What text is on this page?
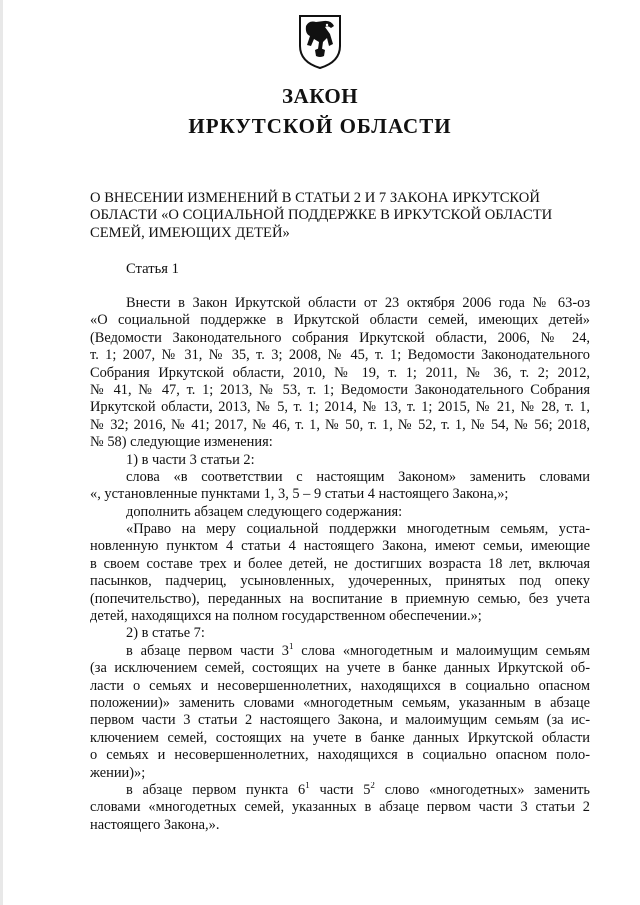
ЗАКОН
ИРКУТСКОЙ ОБЛАСТИ
О ВНЕСЕНИИ ИЗМЕНЕНИЙ В СТАТЬИ 2 И 7 ЗАКОНА ИРКУТСКОЙ
ОБЛАСТИ «О СОЦИАЛЬНОЙ ПОДДЕРЖКЕ В ИРКУТСКОЙ ОБЛАСТИ
СЕМЕЙ, ИМЕЮЩИХ ДЕТЕЙ»
Статья 1
Внести в Закон Иркутской области от 23 октября 2006 года № 63-оз
«О социальной поддержке в Иркутской области семей, имеющих детей»
(Ведомости Законодательного собрания Иркутской области, 2006, № 24,
т. 1; 2007, № 31, № 35, т. 3; 2008, № 45, т. 1; Ведомости Законодательного
Собрания Иркутской области, 2010, № 19, т. 1; 2011, № 36, т. 2; 2012,
№ 41, № 47, т. 1; 2013, № 53, т. 1; Ведомости Законодательного Собрания
Иркутской области, 2013, № 5, т. 1; 2014, № 13, т. 1; 2015, № 21, № 28, т. 1,
№ 32; 2016, № 41; 2017, № 46, т. 1, № 50, т. 1, № 52, т. 1, № 54, № 56; 2018,
№ 58) следующие изменения:
1) в части 3 статьи 2:
слова «в соответствии с настоящим Законом» заменить словами
«, установленные пунктами 1, 3, 5 – 9 статьи 4 настоящего Закона,»;
дополнить абзацем следующего содержания:
«Право на меру социальной поддержки многодетным семьям, уста-
новленную пунктом 4 статьи 4 настоящего Закона, имеют семьи, имеющие
в своем составе трех и более детей, не достигших возраста 18 лет, включая
пасынков, падчериц, усыновленных, удочеренных, принятых под опеку
(попечительство), переданных на воспитание в приемную семью, без учета
детей, находящихся на полном государственном обеспечении.»;
2) в статье 7:
в абзаце первом части $3^1$ слова «многодетным и малоимущим семьям
(за исключением семей, состоящих на учете в банке данных Иркутской об-
ласти о семьях и несовершеннолетних, находящихся в социально опасном
положении)» заменить словами «многодетным семьям, указанным в абзаце
первом части 3 статьи 2 настоящего Закона, и малоимущим семьям (за ис-
ключением семей, состоящих на учете в банке данных Иркутской области
о семьях и несовершеннолетних, находящихся в социально опасном поло-
жении)»;
в абзаце первом пункта $6^1$ части $5^2$ слово «многодетных» заменить
словами «многодетных семей, указанных в абзаце первом части 3 статьи 2
настоящего Закона,».
